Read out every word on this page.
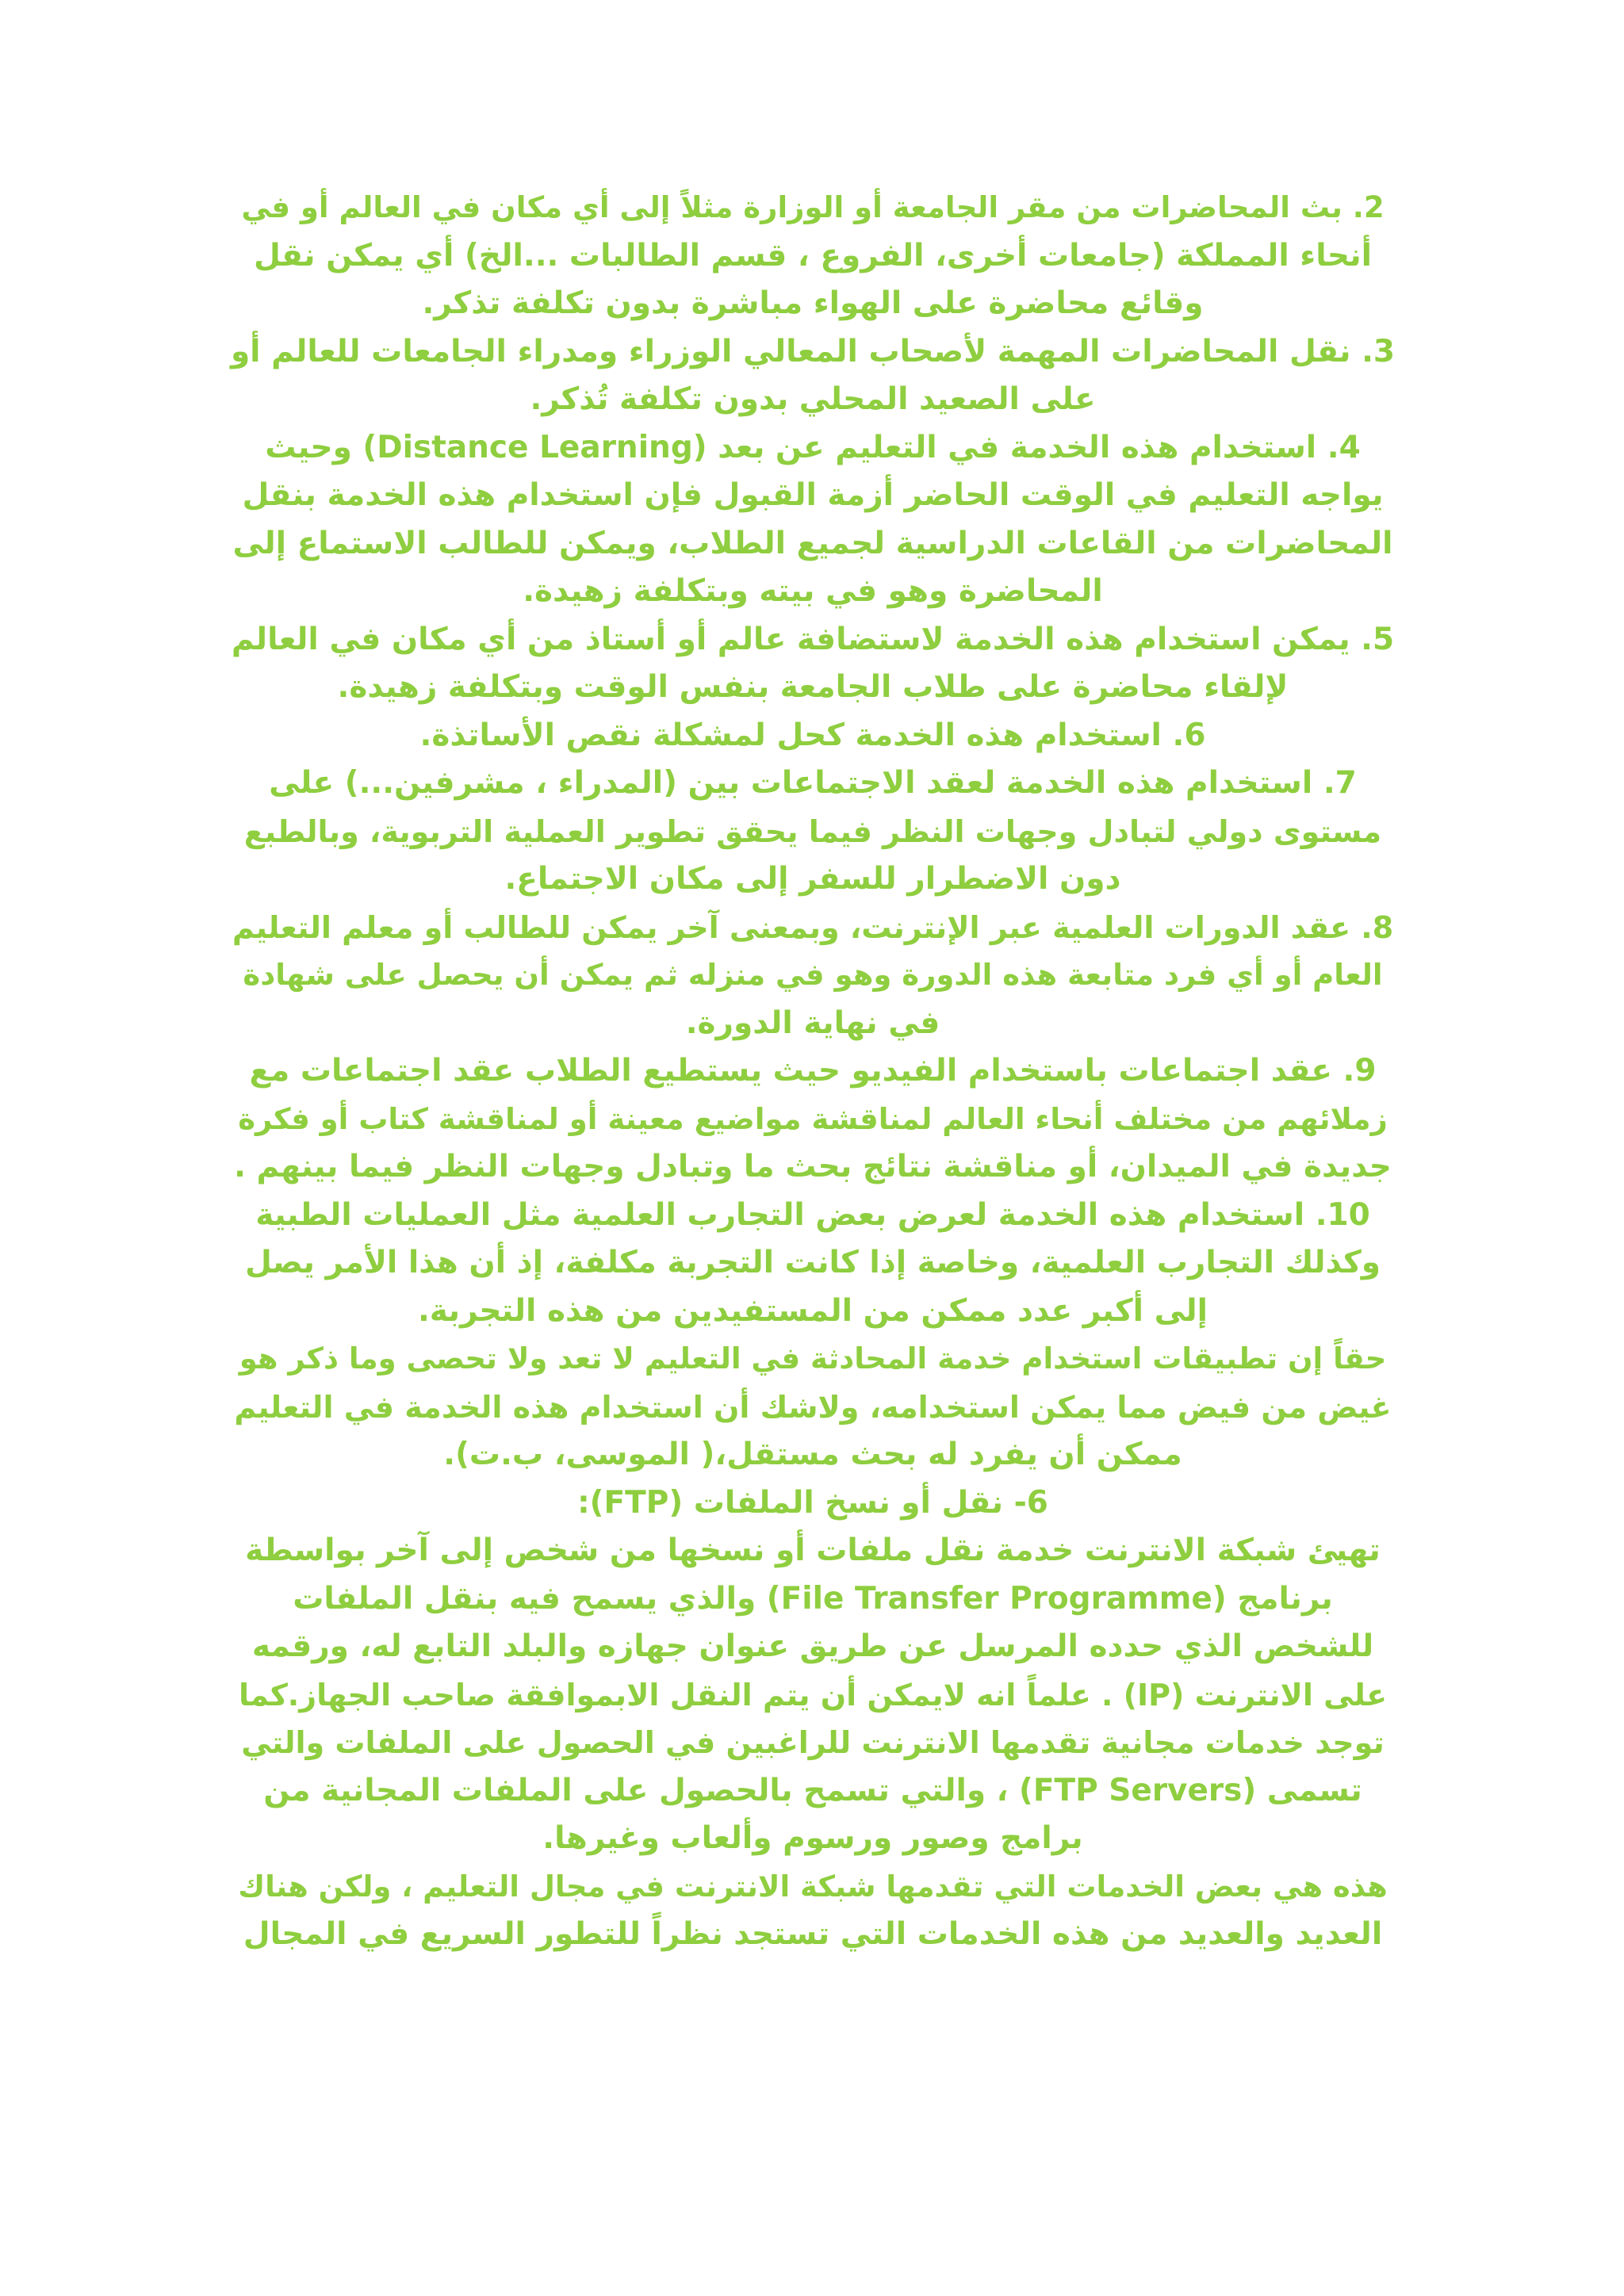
2. بث المحاضرات من مقر الجامعة أو الوزارة مثلاً إلى أي مكان في العالم أو في
أنحاء المملكة (جامعات أخرى، الفروع ، قسم الطالبات ...الخ) أي يمكن نقل
وقائع محاضرة على الهواء مباشرة بدون تكلفة تذكر.
3. نقل المحاضرات المهمة لأصحاب المعالي الوزراء ومدراء الجامعات للعالم أو
على الصعيد المحلي بدون تكلفة تُذكر.
4. استخدام هذه الخدمة في التعليم عن بعد (Distance Learning) وحيث
يواجه التعليم في الوقت الحاضر أزمة القبول فإن استخدام هذه الخدمة بنقل
المحاضرات من القاعات الدراسية لجميع الطلاب، ويمكن للطالب الاستماع إلى
المحاضرة وهو في بيته وبتكلفة زهيدة.
5. يمكن استخدام هذه الخدمة لاستضافة عالم أو أستاذ من أي مكان في العالم
لإلقاء محاضرة على طلاب الجامعة بنفس الوقت وبتكلفة زهيدة.
6. استخدام هذه الخدمة كحل لمشكلة نقص الأساتذة.
7. استخدام هذه الخدمة لعقد الاجتماعات بين (المدراء ، مشرفين...) على
مستوى دولي لتبادل وجهات النظر فيما يحقق تطوير العملية التربوية، وبالطبع
دون الاضطرار للسفر إلى مكان الاجتماع.
8. عقد الدورات العلمية عبر الإنترنت، وبمعنى آخر يمكن للطالب أو معلم التعليم
العام أو أي فرد متابعة هذه الدورة وهو في منزله ثم يمكن أن يحصل على شهادة
في نهاية الدورة.
9. عقد اجتماعات باستخدام الفيديو حيث يستطيع الطلاب عقد اجتماعات مع
زملائهم من مختلف أنحاء العالم لمناقشة مواضيع معينة أو لمناقشة كتاب أو فكرة
جديدة في الميدان، أو مناقشة نتائج بحث ما وتبادل وجهات النظر فيما بينهم .
10. استخدام هذه الخدمة لعرض بعض التجارب العلمية مثل العمليات الطبية
وكذلك التجارب العلمية، وخاصة إذا كانت التجربة مكلفة، إذ أن هذا الأمر يصل
إلى أكبر عدد ممكن من المستفيدين من هذه التجربة.
حقاً إن تطبيقات استخدام خدمة المحادثة في التعليم لا تعد ولا تحصى وما ذكر هو
غيض من فيض مما يمكن استخدامه، ولاشك أن استخدام هذه الخدمة في التعليم
ممكن أن يفرد له بحث مستقل،( الموسى، ب.ت).
6- نقل أو نسخ الملفات (FTP):
تهيئ شبكة الانترنت خدمة نقل ملفات أو نسخها من شخص إلى آخر بواسطة
برنامج (File Transfer Programme) والذي يسمح فيه بنقل الملفات
للشخص الذي حدده المرسل عن طريق عنوان جهازه والبلد التابع له، ورقمه
على الانترنت (IP) . علماً انه لايمكن أن يتم النقل الابموافقة صاحب الجهاز.كما
توجد خدمات مجانية تقدمها الانترنت للراغبين في الحصول على الملفات والتي
تسمى (FTP Servers) ، والتي تسمح بالحصول على الملفات المجانية من
برامج وصور ورسوم وألعاب وغيرها.
هذه هي بعض الخدمات التي تقدمها شبكة الانترنت في مجال التعليم ، ولكن هناك
العديد والعديد من هذه الخدمات التي تستجد نظراً للتطور السريع في المجال
